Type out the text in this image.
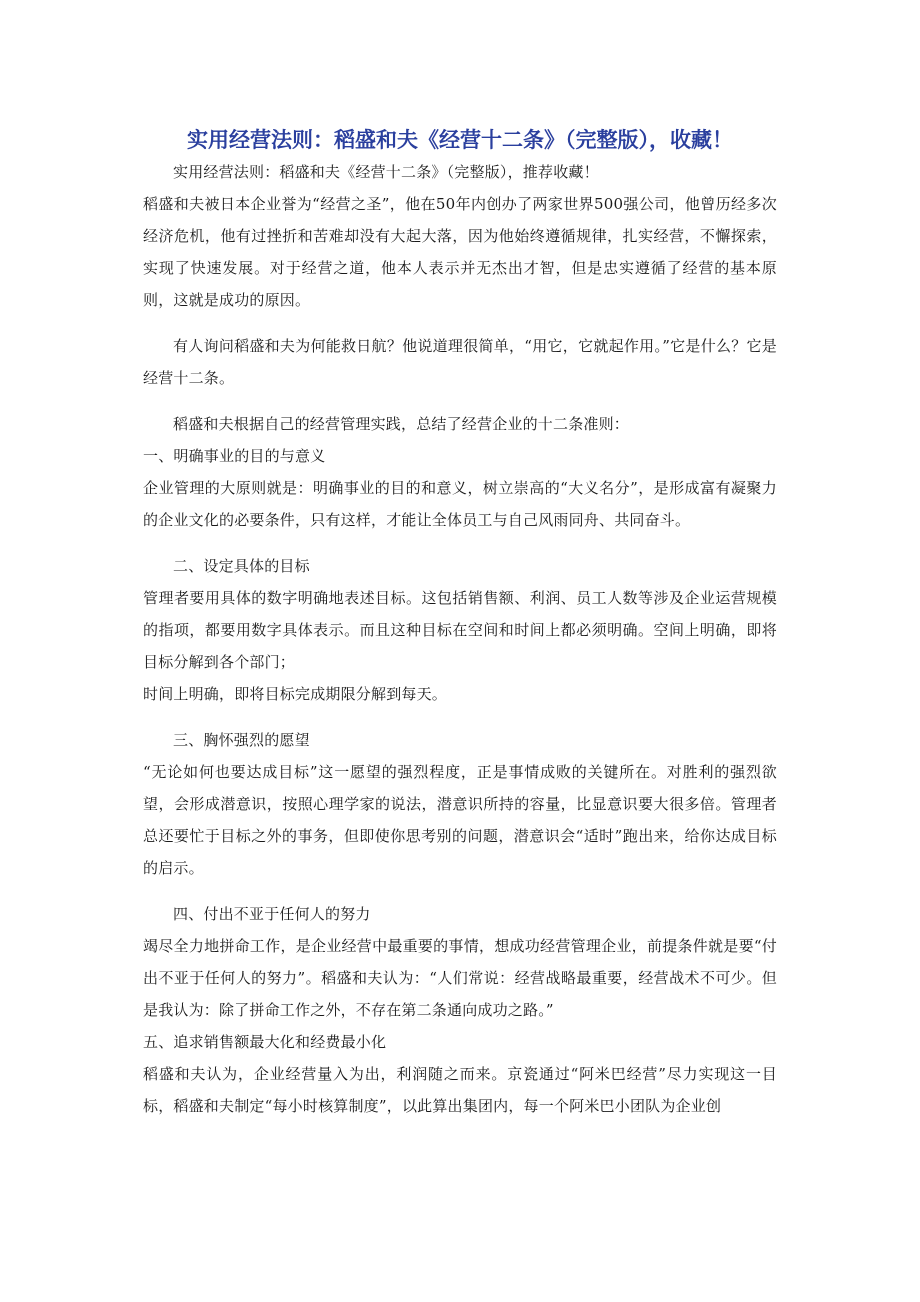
实用经营法则：稻盛和夫《经营十二条》（完整版），收藏！

实用经营法则：稻盛和夫《经营十二条》（完整版），推荐收藏！

稻盛和夫被日本企业誉为“经营之圣”，他在50年内创办了两家世界500强公司，他曾历经多次经济危机，他有过挫折和苦难却没有大起大落，因为他始终遵循规律，扎实经营，不懈探索，实现了快速发展。对于经营之道，他本人表示并无杰出才智，但是忠实遵循了经营的基本原则，这就是成功的原因。

有人询问稻盛和夫为何能救日航？他说道理很简单，“用它，它就起作用。”它是什么？它是经营十二条。

稻盛和夫根据自己的经营管理实践，总结了经营企业的十二条准则：

一、明确事业的目的与意义

企业管理的大原则就是：明确事业的目的和意义，树立崇高的“大义名分”，是形成富有凝聚力的企业文化的必要条件，只有这样，才能让全体员工与自己风雨同舟、共同奋斗。

二、设定具体的目标

管理者要用具体的数字明确地表述目标。这包括销售额、利润、员工人数等涉及企业运营规模的指项，都要用数字具体表示。而且这种目标在空间和时间上都必须明确。空间上明确，即将目标分解到各个部门；

时间上明确，即将目标完成期限分解到每天。

三、胸怀强烈的愿望

“无论如何也要达成目标”这一愿望的强烈程度，正是事情成败的关键所在。对胜利的强烈欲望，会形成潜意识，按照心理学家的说法，潜意识所持的容量，比显意识要大很多倍。管理者总还要忙于目标之外的事务，但即使你思考别的问题，潜意识会“适时”跑出来，给你达成目标的启示。

四、付出不亚于任何人的努力

竭尽全力地拼命工作，是企业经营中最重要的事情，想成功经营管理企业，前提条件就是要“付出不亚于任何人的努力”。稻盛和夫认为：“人们常说：经营战略最重要，经营战术不可少。但是我认为：除了拼命工作之外，不存在第二条通向成功之路。”

五、追求销售额最大化和经费最小化

稻盛和夫认为，企业经营量入为出，利润随之而来。京瓷通过“阿米巴经营”尽力实现这一目标，稻盛和夫制定“每小时核算制度”，以此算出集团内，每一个阿米巴小团队为企业创
